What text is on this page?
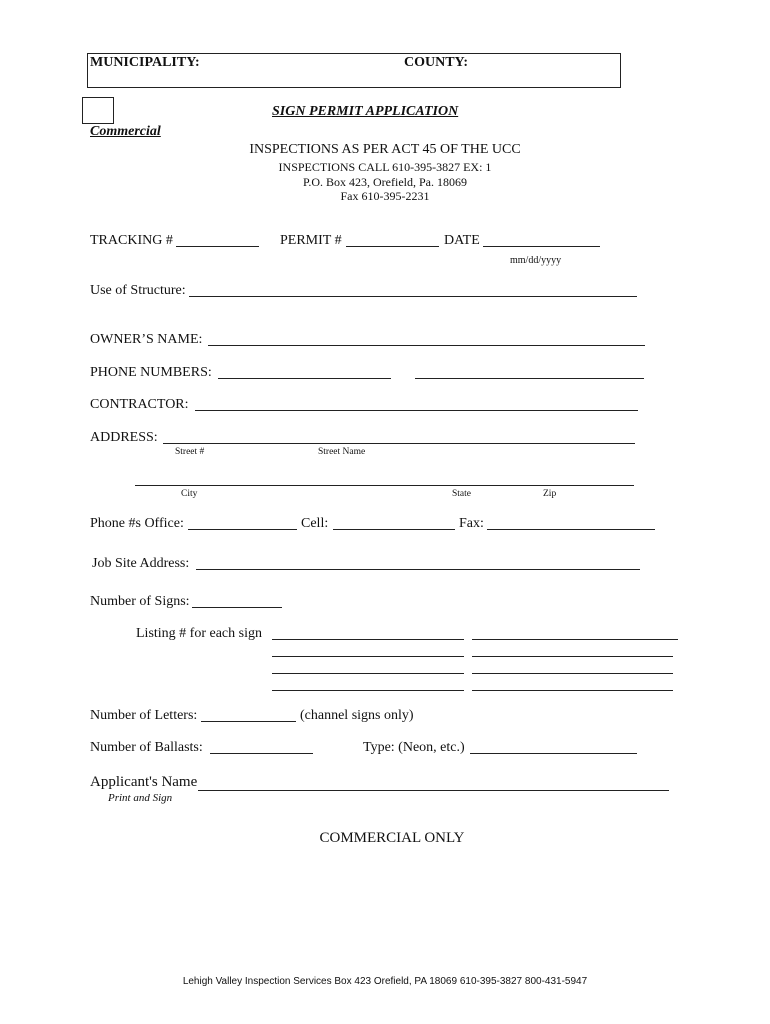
MUNICIPALITY:	COUNTY:
Commercial
SIGN PERMIT APPLICATION
INSPECTIONS AS PER ACT 45 OF THE UCC
INSPECTIONS CALL 610-395-3827 EX: 1
P.O. Box 423, Orefield, Pa. 18069
Fax 610-395-2231
TRACKING #	PERMIT #	DATE
mm/dd/yyyy
Use of Structure:
OWNER’S NAME:
PHONE NUMBERS:
CONTRACTOR:
ADDRESS:
Street #	Street Name
City	State	Zip
Phone #s Office:	Cell:	Fax:
Job Site Address:
Number of Signs:
Listing # for each sign
Number of Letters:	(channel signs only)
Number of Ballasts:	Type: (Neon, etc.)
Applicant's Name
Print and Sign
COMMERCIAL ONLY
Lehigh Valley Inspection Services Box 423 Orefield, PA 18069 610-395-3827 800-431-5947
